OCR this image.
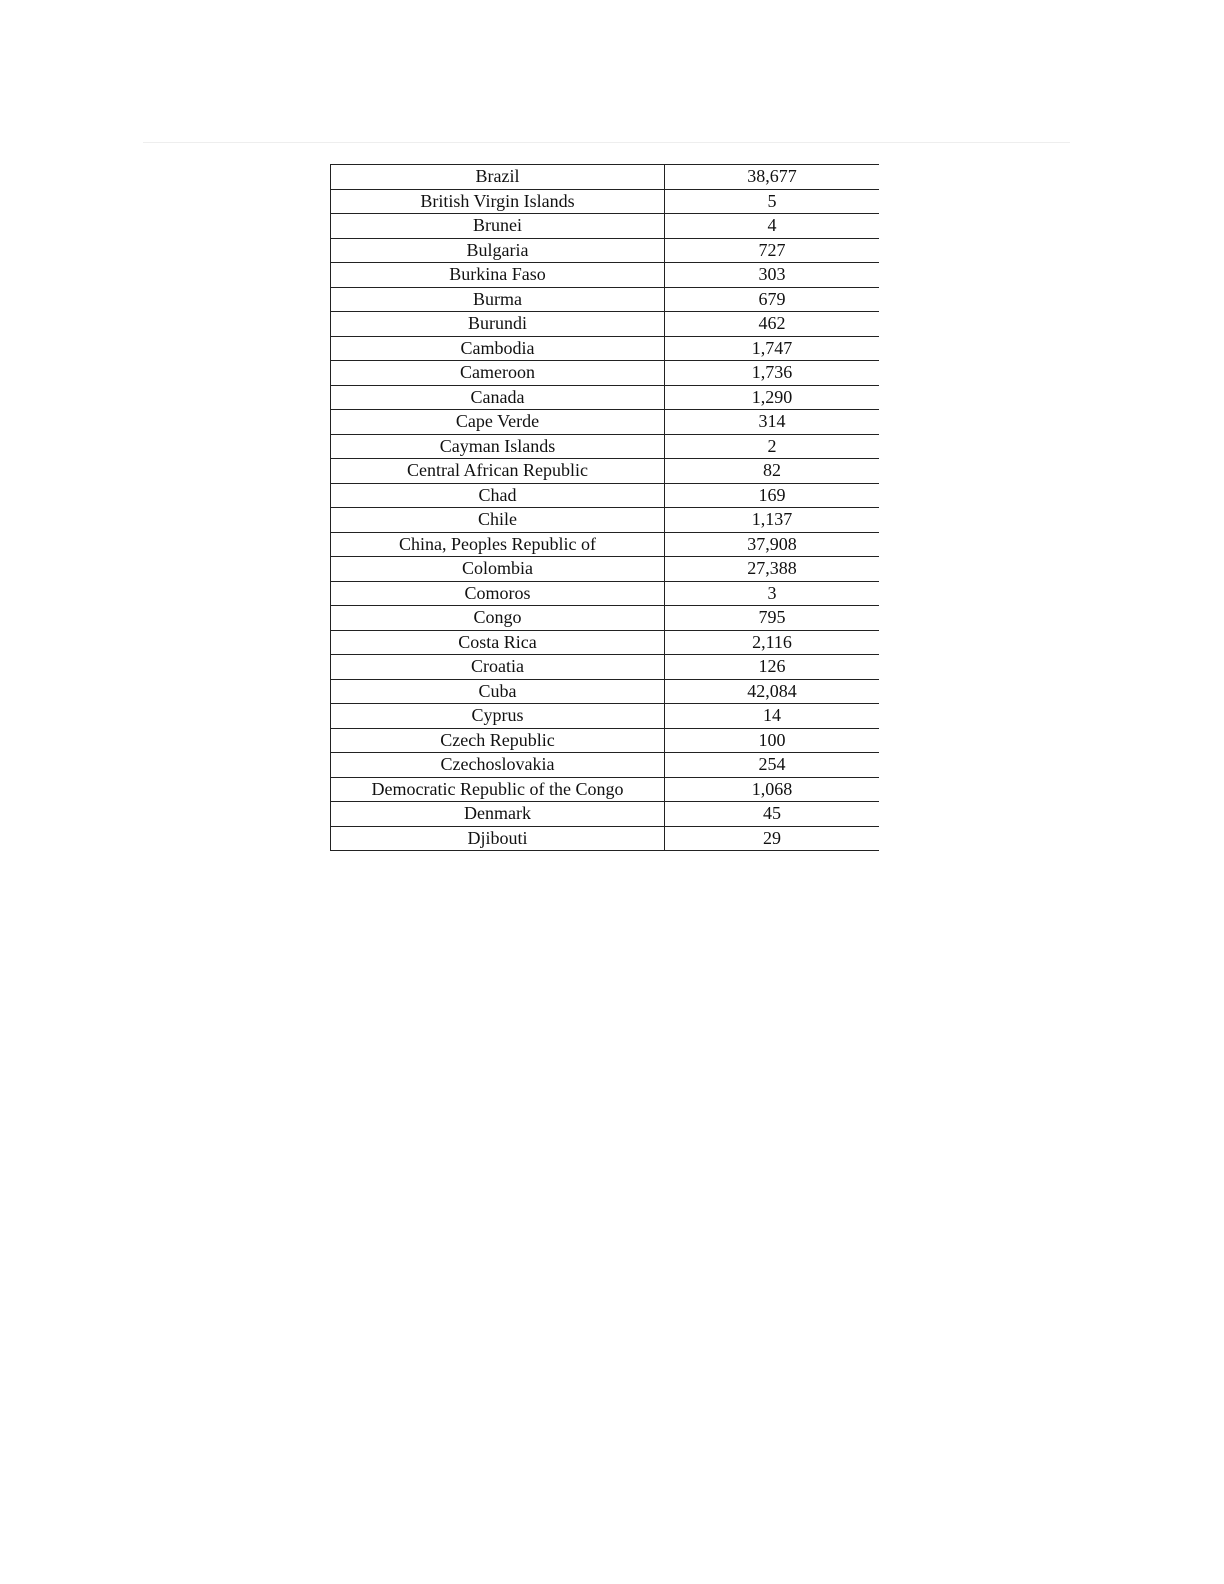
Brazil	38,677
British Virgin Islands	5
Brunei	4
Bulgaria	727
Burkina Faso	303
Burma	679
Burundi	462
Cambodia	1,747
Cameroon	1,736
Canada	1,290
Cape Verde	314
Cayman Islands	2
Central African Republic	82
Chad	169
Chile	1,137
China, Peoples Republic of	37,908
Colombia	27,388
Comoros	3
Congo	795
Costa Rica	2,116
Croatia	126
Cuba	42,084
Cyprus	14
Czech Republic	100
Czechoslovakia	254
Democratic Republic of the Congo	1,068
Denmark	45
Djibouti	29
